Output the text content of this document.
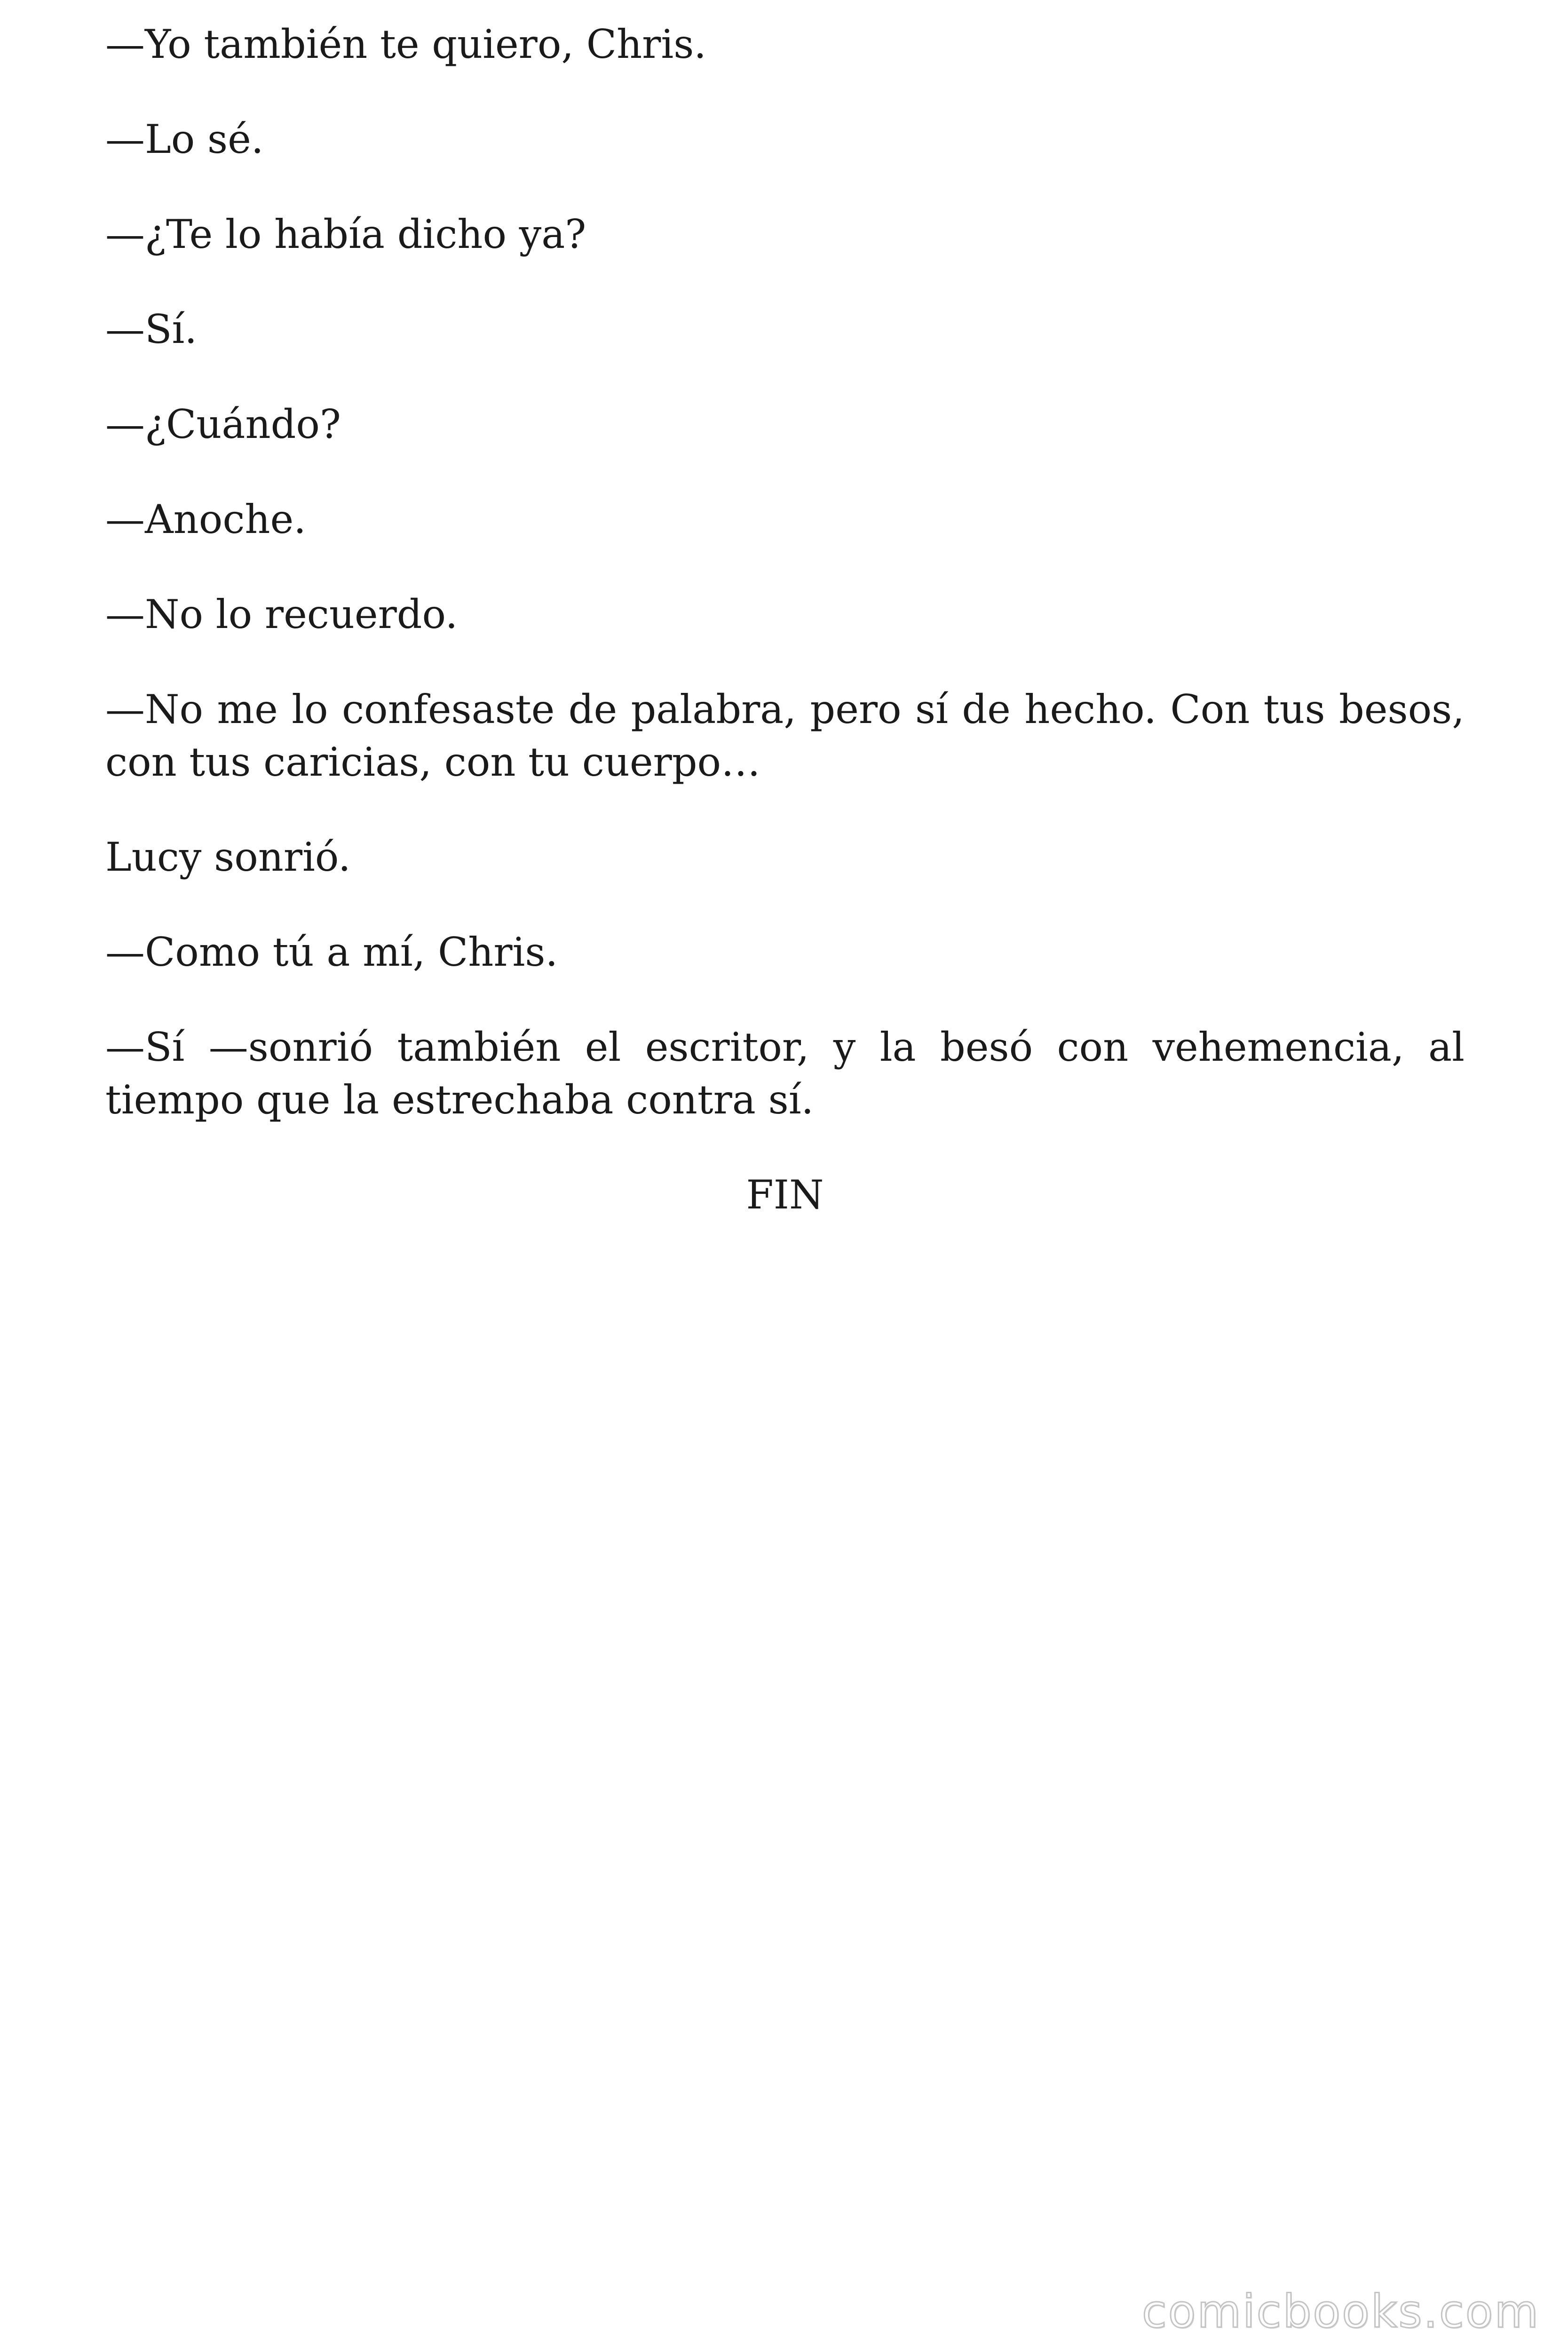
—Yo también te quiero, Chris.

—Lo sé.

—¿Te lo había dicho ya?

—Sí.

—¿Cuándo?

—Anoche.

—No lo recuerdo.

—No me lo confesaste de palabra, pero sí de hecho. Con tus besos, con tus caricias, con tu cuerpo…

Lucy sonrió.

—Como tú a mí, Chris.

—Sí —sonrió también el escritor, y la besó con vehemencia, al tiempo que la estrechaba contra sí.

FIN

comicbooks.com
